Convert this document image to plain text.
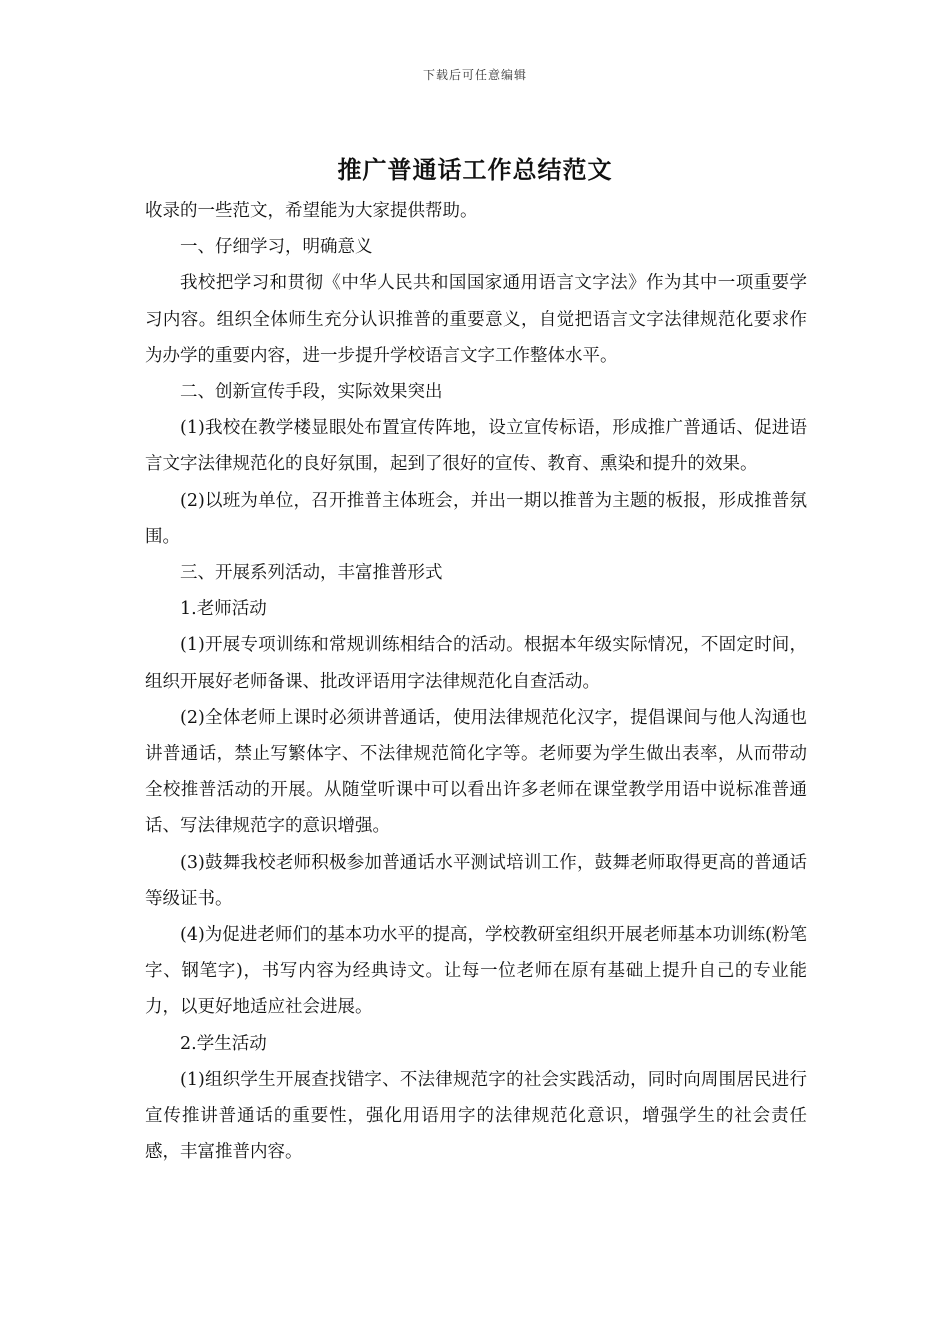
下载后可任意编辑
推广普通话工作总结范文

收录的一些范文，希望能为大家提供帮助。

一、仔细学习，明确意义

我校把学习和贯彻《中华人民共和国国家通用语言文字法》作为其中一项重要学习内容。组织全体师生充分认识推普的重要意义，自觉把语言文字法律规范化要求作为办学的重要内容，进一步提升学校语言文字工作整体水平。

二、创新宣传手段，实际效果突出

(1)我校在教学楼显眼处布置宣传阵地，设立宣传标语，形成推广普通话、促进语言文字法律规范化的良好氛围，起到了很好的宣传、教育、熏染和提升的效果。

(2)以班为单位，召开推普主体班会，并出一期以推普为主题的板报，形成推普氛围。

三、开展系列活动，丰富推普形式

1.老师活动

(1)开展专项训练和常规训练相结合的活动。根据本年级实际情况，不固定时间，组织开展好老师备课、批改评语用字法律规范化自查活动。

(2)全体老师上课时必须讲普通话，使用法律规范化汉字，提倡课间与他人沟通也讲普通话，禁止写繁体字、不法律规范简化字等。老师要为学生做出表率，从而带动全校推普活动的开展。从随堂听课中可以看出许多老师在课堂教学用语中说标准普通话、写法律规范字的意识增强。

(3)鼓舞我校老师积极参加普通话水平测试培训工作，鼓舞老师取得更高的普通话等级证书。

(4)为促进老师们的基本功水平的提高，学校教研室组织开展老师基本功训练(粉笔字、钢笔字)，书写内容为经典诗文。让每一位老师在原有基础上提升自己的专业能力，以更好地适应社会进展。

2.学生活动

(1)组织学生开展查找错字、不法律规范字的社会实践活动，同时向周围居民进行宣传推讲普通话的重要性，强化用语用字的法律规范化意识，增强学生的社会责任感，丰富推普内容。
